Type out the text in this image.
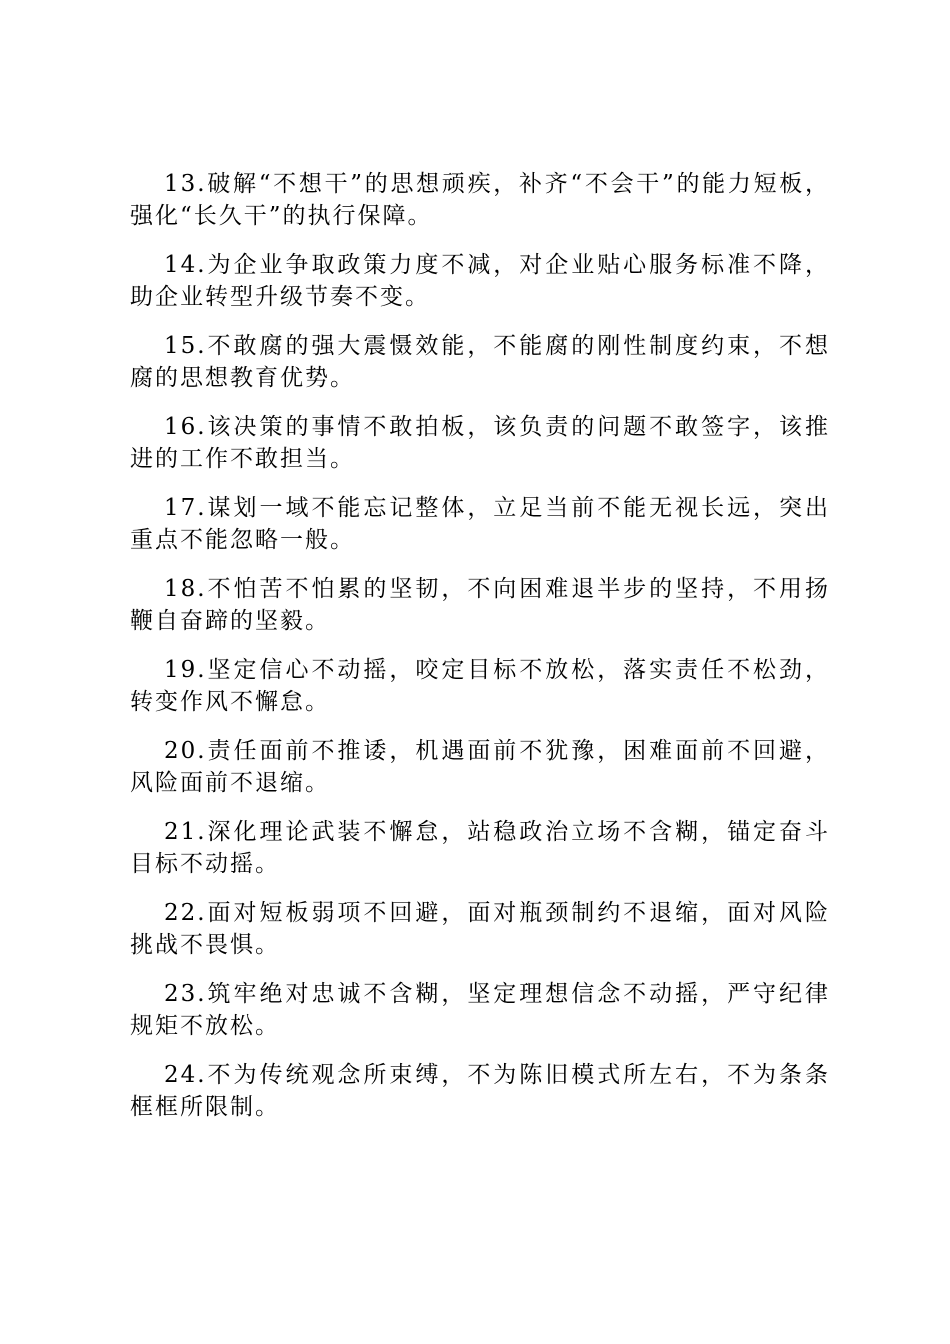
13.破解“不想干”的思想顽疾，补齐“不会干”的能力短板，强化“长久干”的执行保障。

14.为企业争取政策力度不减，对企业贴心服务标准不降，助企业转型升级节奏不变。

15.不敢腐的强大震慑效能，不能腐的刚性制度约束，不想腐的思想教育优势。

16.该决策的事情不敢拍板，该负责的问题不敢签字，该推进的工作不敢担当。

17.谋划一域不能忘记整体，立足当前不能无视长远，突出重点不能忽略一般。

18.不怕苦不怕累的坚韧，不向困难退半步的坚持，不用扬鞭自奋蹄的坚毅。

19.坚定信心不动摇，咬定目标不放松，落实责任不松劲，转变作风不懈怠。

20.责任面前不推诿，机遇面前不犹豫，困难面前不回避，风险面前不退缩。

21.深化理论武装不懈怠，站稳政治立场不含糊，锚定奋斗目标不动摇。

22.面对短板弱项不回避，面对瓶颈制约不退缩，面对风险挑战不畏惧。

23.筑牢绝对忠诚不含糊，坚定理想信念不动摇，严守纪律规矩不放松。

24.不为传统观念所束缚，不为陈旧模式所左右，不为条条框框所限制。
